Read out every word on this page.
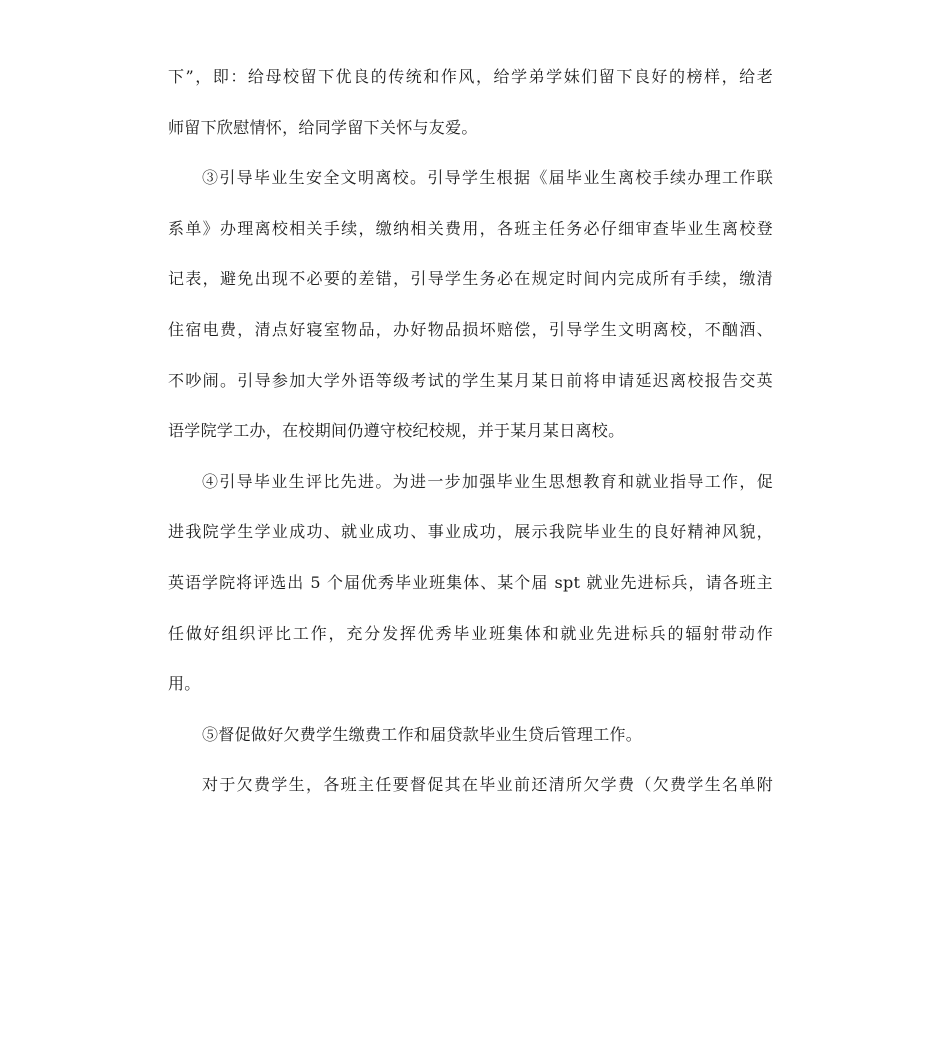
下”，即：给母校留下优良的传统和作风，给学弟学妹们留下良好的榜样，给老
师留下欣慰情怀，给同学留下关怀与友爱。
③引导毕业生安全文明离校。引导学生根据《届毕业生离校手续办理工作联
系单》办理离校相关手续，缴纳相关费用，各班主任务必仔细审查毕业生离校登
记表，避免出现不必要的差错，引导学生务必在规定时间内完成所有手续，缴清
住宿电费，清点好寝室物品，办好物品损坏赔偿，引导学生文明离校，不酗酒、
不吵闹。引导参加大学外语等级考试的学生某月某日前将申请延迟离校报告交英
语学院学工办，在校期间仍遵守校纪校规，并于某月某日离校。
④引导毕业生评比先进。为进一步加强毕业生思想教育和就业指导工作，促
进我院学生学业成功、就业成功、事业成功，展示我院毕业生的良好精神风貌，
英语学院将评选出 5 个届优秀毕业班集体、某个届 spt 就业先进标兵，请各班主
任做好组织评比工作，充分发挥优秀毕业班集体和就业先进标兵的辐射带动作
用。
⑤督促做好欠费学生缴费工作和届贷款毕业生贷后管理工作。
对于欠费学生，各班主任要督促其在毕业前还清所欠学费（欠费学生名单附
